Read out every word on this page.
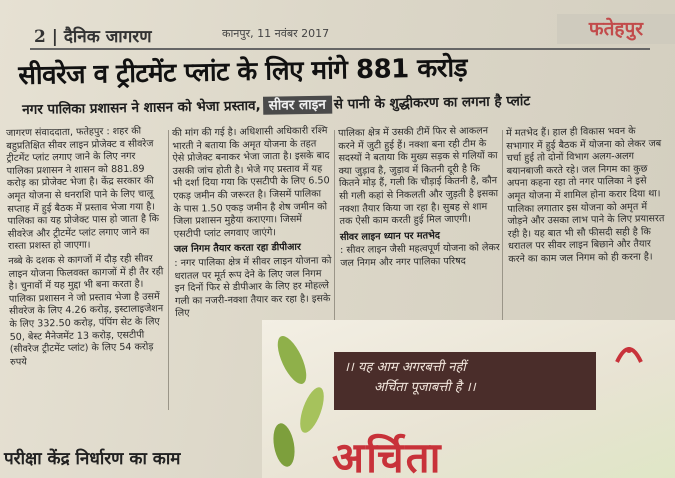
2 | दैनिक जागरण	कानपुर, 11 नवंबर 2017	फतेहपुर
सीवरेज व ट्रीटमेंट प्लांट के लिए मांगे 881 करोड़
नगर पालिका प्रशासन ने शासन को भेजा प्रस्ताव, सीवर लाइन से पानी के शुद्धीकरण का लगना है प्लांट

जागरण संवाददाता, फतेहपुर : शहर की बहुप्रतिक्षित सीवर लाइन प्रोजेक्ट व सीवरेज ट्रीटमेंट प्लांट लगाए जाने के लिए नगर पालिका प्रशासन ने शासन को 881.89 करोड़ का प्रोजेक्ट भेजा है। केंद्र सरकार की अमृत योजना से धनराशि पाने के लिए चालू सप्ताह में हुई बैठक में प्रस्ताव भेजा गया है। पालिका का यह प्रोजेक्ट पास हो जाता है कि सीवरेज और ट्रीटमेंट प्लांट लगाए जाने का रास्ता प्रशस्त हो जाएगा।

नब्बे के दशक से कागजों में दौड़ रही सीवर लाइन योजना फिलवक्त कागजों में ही तैर रही है। चुनावों में यह मुद्दा भी बना करता है। पालिका प्रशासन ने जो प्रस्ताव भेजा है उसमें सीवरेज के लिए 4.26 करोड़, इस्टालाइजेशन के लिए 332.50 करोड़, पंपिंग सेट के लिए 50, बेस्ट मैनेजमेंट 13 करोड़, एसटीपी (सीवरेज ट्रीटमेंट प्लांट) के लिए 54 करोड़ रुपये

की मांग की गई है। अधिशासी अधिकारी रश्मि भारती ने बताया कि अमृत योजना के तहत ऐसे प्रोजेक्ट बनाकर भेजा जाता है। इसके बाद उसकी जांच होती है। भेजे गए प्रस्ताव में यह भी दर्शा दिया गया कि एसटीपी के लिए 6.50 एकड़ जमीन की जरूरत है। जिसमें पालिका के पास 1.50 एकड़ जमीन है शेष जमीन को जिला प्रशासन मुहैया कराएगा। जिसमें एसटीपी प्लांट लगवाए जाएंगे।

जल निगम तैयार करता रहा डीपीआर

: नगर पालिका क्षेत्र में सीवर लाइन योजना को धरातल पर मूर्त रूप देने के लिए जल निगम इन दिनों फिर से डीपीआर के लिए हर मोहल्ले गली का नजरी-नक्शा तैयार कर रहा है। इसके लिए

पालिका क्षेत्र में उसकी टीमें फिर से आकलन करने में जुटी हुई हैं। नक्शा बना रही टीम के सदस्यों ने बताया कि मुख्य सड़क से गलियों का क्या जुड़ाव है, जुड़ाव में कितनी दूरी है कि कितने मोड़ हैं, गली कि चौड़ाई कितनी है, कौन सी गली कहां से निकलती और जुड़ती है इसका नक्शा तैयार किया जा रहा है। सुबह से शाम तक ऐसी काम करती हुई मिल जाएगी।

सीवर लाइन ध्यान पर मतभेद

: सीवर लाइन जैसी महत्वपूर्ण योजना को लेकर जल निगम और नगर पालिका परिषद

में मतभेद हैं। हाल ही विकास भवन के सभागार में हुई बैठक में योजना को लेकर जब चर्चा हुई तो दोनों विभाग अलग-अलग बयानबाजी करते रहे। जल निगम का कुछ अपना कहना रहा तो नगर पालिका ने इसे अमृत योजना में शामिल होना करार दिया था। पालिका लगातार इस योजना को अमृत में जोड़ने और उसका लाभ पाने के लिए प्रयासरत रही है। यह बात भी सौ फीसदी सही है कि धरातल पर सीवर लाइन बिछाने और तैयार करने का काम जल निगम को ही करना है।

।। यह आम अगरबत्ती नहीं
अर्चिता पूजाबत्ती है ।।
अर्चिता
परीक्षा केंद्र निर्धारण का काम
